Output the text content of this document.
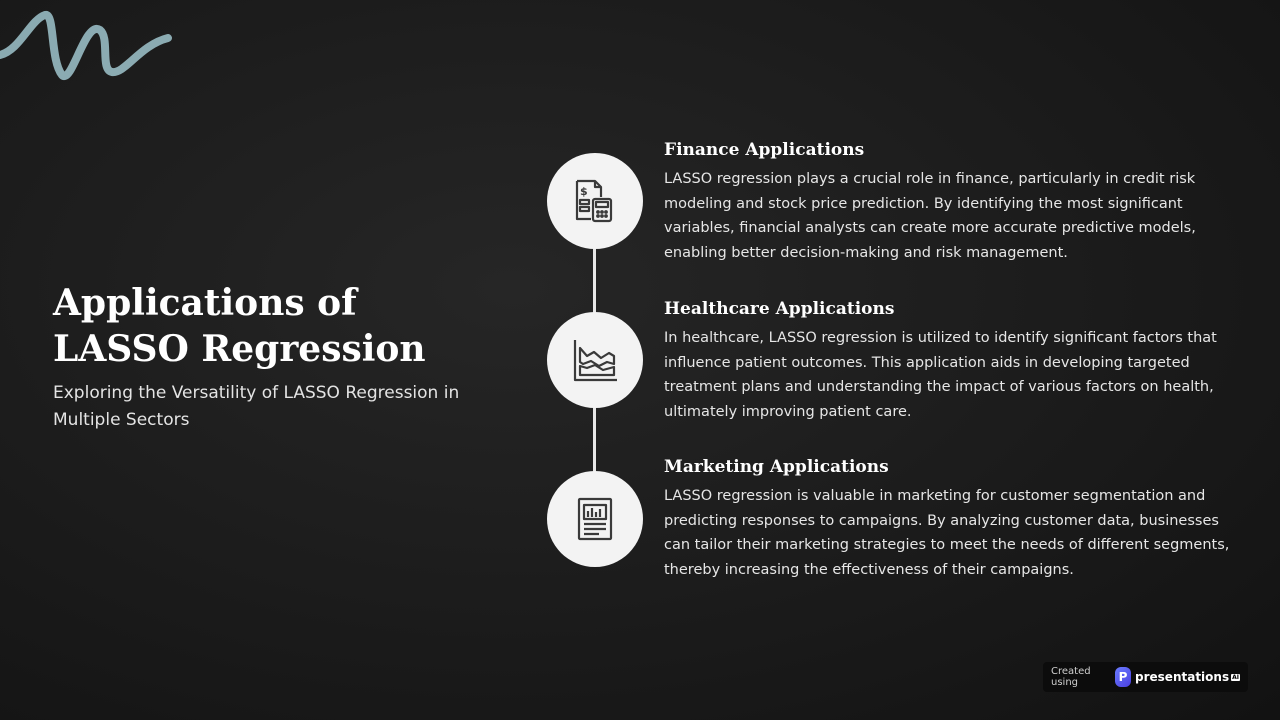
Applications of LASSO Regression

Exploring the Versatility of LASSO Regression in Multiple Sectors

$
Finance Applications

LASSO regression plays a crucial role in finance, particularly in credit risk modeling and stock price prediction. By identifying the most significant variables, financial analysts can create more accurate predictive models, enabling better decision-making and risk management.

Healthcare Applications

In healthcare, LASSO regression is utilized to identify significant factors that influence patient outcomes. This application aids in developing targeted treatment plans and understanding the impact of various factors on health, ultimately improving patient care.

Marketing Applications

LASSO regression is valuable in marketing for customer segmentation and predicting responses to campaigns. By analyzing customer data, businesses can tailor their marketing strategies to meet the needs of different segments, thereby increasing the effectiveness of their campaigns.

Created using	P presentations AI
